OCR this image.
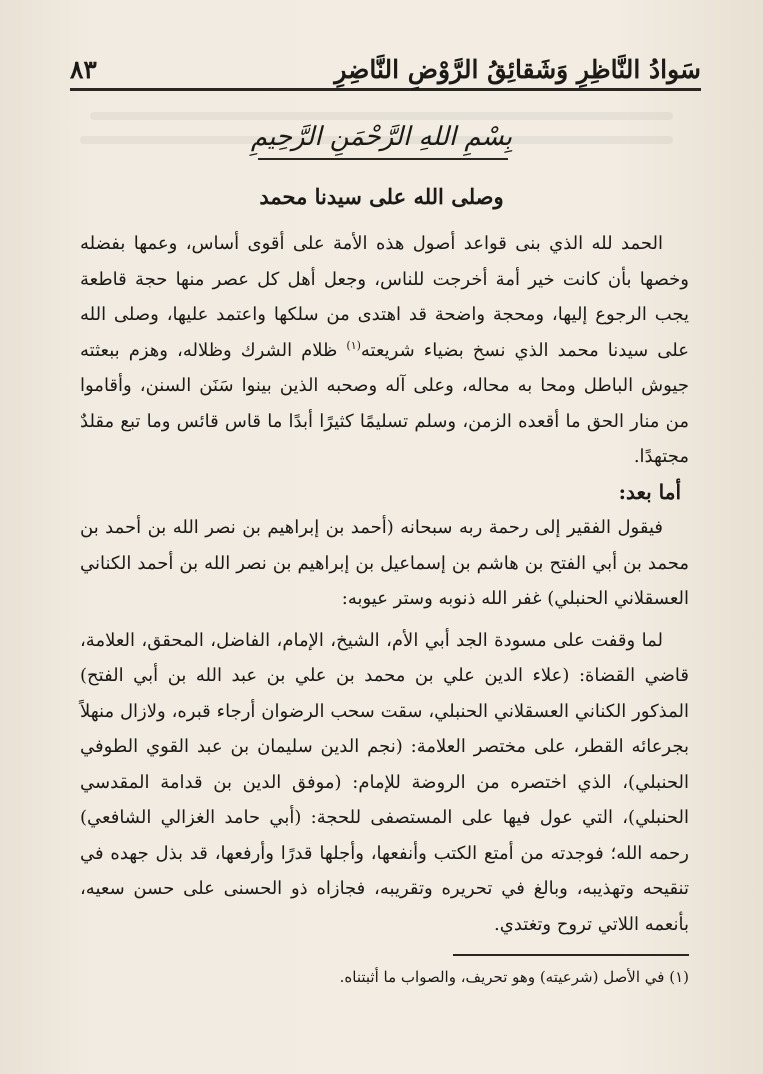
سَوادُ النَّاظِرِ وَشَقائِقُ الرَّوْضِ النَّاضِرِ
٨٣
بِسْمِ اللهِ الرَّحْمَنِ الرَّحِيمِ
وصلى الله على سيدنا محمد

الحمد لله الذي بنى قواعد أصول هذه الأمة على أقوى أساس، وعمها بفضله وخصها بأن كانت خير أمة أخرجت للناس، وجعل أهل كل عصر منها حجة قاطعة يجب الرجوع إليها، ومحجة واضحة قد اهتدى من سلكها واعتمد عليها، وصلى الله على سيدنا محمد الذي نسخ بضياء شريعته$^{(١)}$ ظلام الشرك وظلاله، وهزم ببعثته جيوش الباطل ومحا به محاله، وعلى آله وصحبه الذين بينوا سَنَن السنن، وأقاموا من منار الحق ما أقعده الزمن، وسلم تسليمًا كثيرًا أبدًا ما قاس قائس وما تبع مقلدٌ مجتهدًا.

أما بعد:

فيقول الفقير إلى رحمة ربه سبحانه (أحمد بن إبراهيم بن نصر الله بن أحمد بن محمد بن أبي الفتح بن هاشم بن إسماعيل بن إبراهيم بن نصر الله بن أحمد الكناني العسقلاني الحنبلي) غفر الله ذنوبه وستر عيوبه:

لما وقفت على مسودة الجد أبي الأم، الشيخ، الإمام، الفاضل، المحقق، العلامة، قاضي القضاة: (علاء الدين علي بن محمد بن علي بن عبد الله بن أبي الفتح) المذكور الكناني العسقلاني الحنبلي، سقت سحب الرضوان أرجاء قبره، ولازال منهلاً بجرعائه القطر، على مختصر العلامة: (نجم الدين سليمان بن عبد القوي الطوفي الحنبلي)، الذي اختصره من الروضة للإمام: (موفق الدين بن قدامة المقدسي الحنبلي)، التي عول فيها على المستصفى للحجة: (أبي حامد الغزالي الشافعي) رحمه الله؛ فوجدته من أمتع الكتب وأنفعها، وأجلها قدرًا وأرفعها، قد بذل جهده في تنقيحه وتهذيبه، وبالغ في تحريره وتقريبه، فجازاه ذو الحسنى على حسن سعيه، بأنعمه اللاتي تروح وتغتدي.

(١) في الأصل (شرعيته) وهو تحريف، والصواب ما أثبتناه.
